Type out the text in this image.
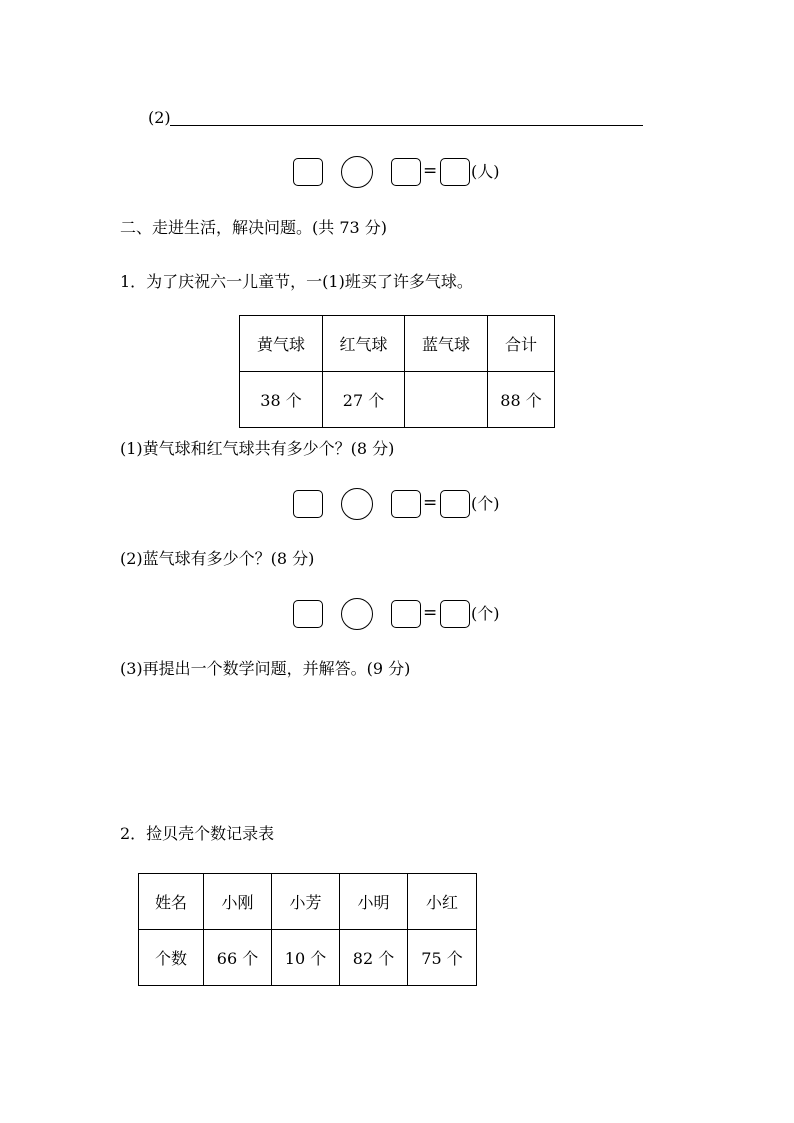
(2)
= (人)
二、走进生活，解决问题。(共 73 分)
1．为了庆祝六一儿童节，一(1)班买了许多气球。
黄气球	红气球	蓝气球	合计
38 个	27 个		88 个
(1)黄气球和红气球共有多少个？(8 分)
= (个)
(2)蓝气球有多少个？(8 分)
= (个)
(3)再提出一个数学问题，并解答。(9 分)
2．捡贝壳个数记录表
姓名	小刚	小芳	小明	小红
个数	66 个	10 个	82 个	75 个
